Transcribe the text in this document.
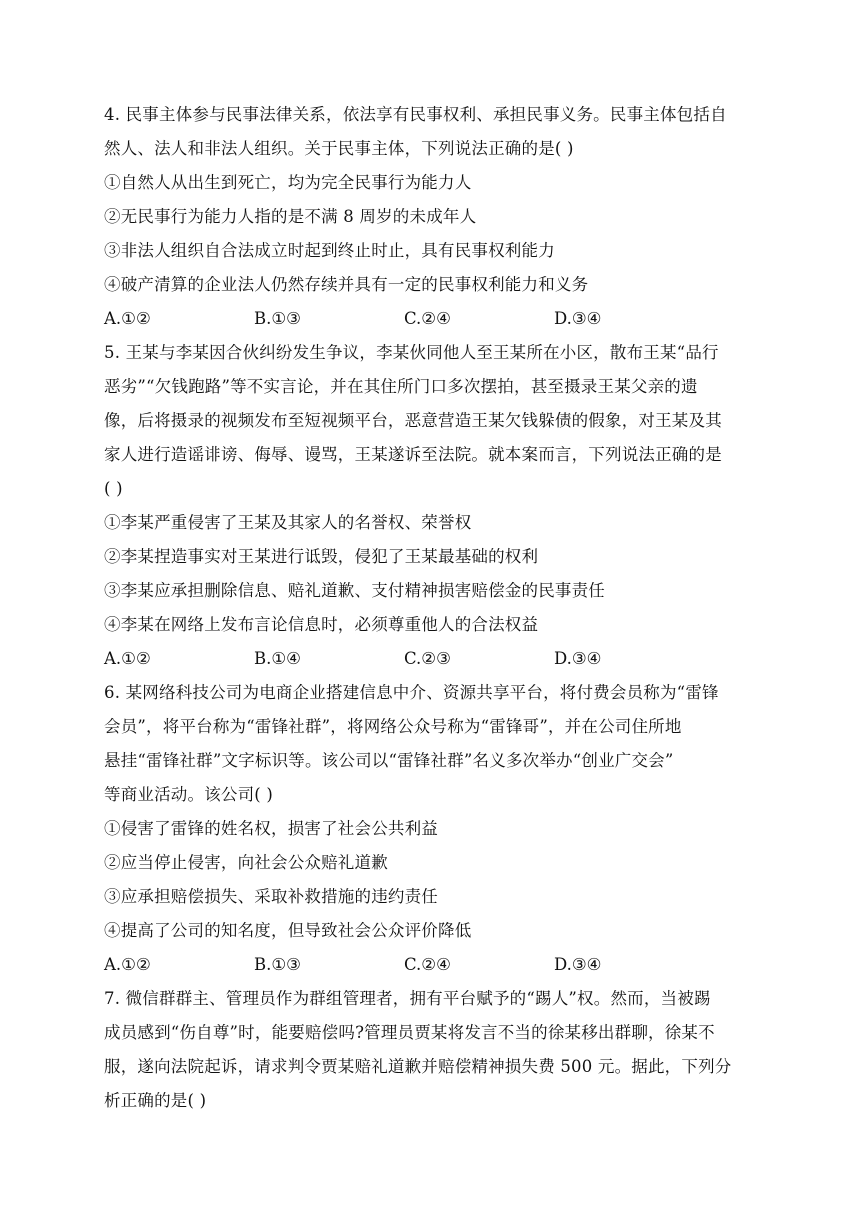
4. 民事主体参与民事法律关系，依法享有民事权利、承担民事义务。民事主体包括自
然人、法人和非法人组织。关于民事主体，下列说法正确的是( )
①自然人从出生到死亡，均为完全民事行为能力人
②无民事行为能力人指的是不满 8 周岁的未成年人
③非法人组织自合法成立时起到终止时止，具有民事权利能力
④破产清算的企业法人仍然存续并具有一定的民事权利能力和义务
A.①②	B.①③	C.②④	D.③④
5. 王某与李某因合伙纠纷发生争议，李某伙同他人至王某所在小区，散布王某“品行
恶劣”“欠钱跑路”等不实言论，并在其住所门口多次摆拍，甚至摄录王某父亲的遗
像，后将摄录的视频发布至短视频平台，恶意营造王某欠钱躲债的假象，对王某及其
家人进行造谣诽谤、侮辱、谩骂，王某遂诉至法院。就本案而言，下列说法正确的是
( )
①李某严重侵害了王某及其家人的名誉权、荣誉权
②李某捏造事实对王某进行诋毁，侵犯了王某最基础的权利
③李某应承担删除信息、赔礼道歉、支付精神损害赔偿金的民事责任
④李某在网络上发布言论信息时，必须尊重他人的合法权益
A.①②	B.①④	C.②③	D.③④
6. 某网络科技公司为电商企业搭建信息中介、资源共享平台，将付费会员称为“雷锋
会员”，将平台称为“雷锋社群”，将网络公众号称为“雷锋哥”，并在公司住所地
悬挂“雷锋社群”文字标识等。该公司以“雷锋社群”名义多次举办“创业广交会”
等商业活动。该公司( )
①侵害了雷锋的姓名权，损害了社会公共利益
②应当停止侵害，向社会公众赔礼道歉
③应承担赔偿损失、采取补救措施的违约责任
④提高了公司的知名度，但导致社会公众评价降低
A.①②	B.①③	C.②④	D.③④
7. 微信群群主、管理员作为群组管理者，拥有平台赋予的“踢人”权。然而，当被踢
成员感到“伤自尊”时，能要赔偿吗?管理员贾某将发言不当的徐某移出群聊，徐某不
服，遂向法院起诉，请求判令贾某赔礼道歉并赔偿精神损失费 500 元。据此，下列分
析正确的是( )
